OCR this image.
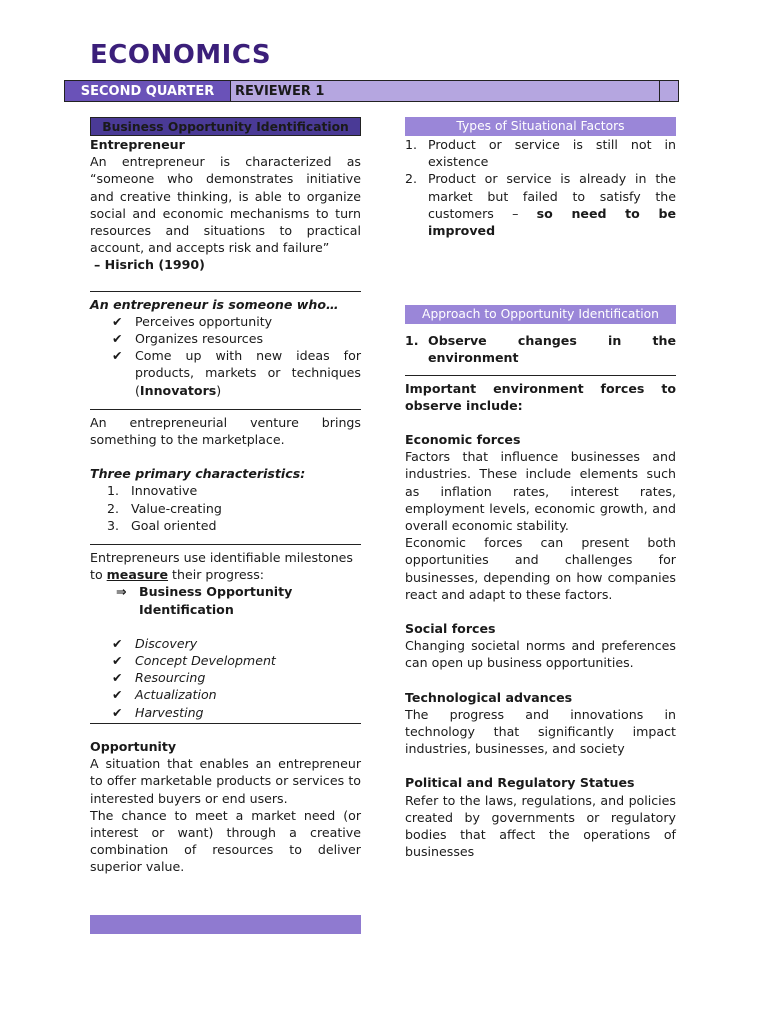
ECONOMICS
SECOND QUARTER	REVIEWER 1
Business Opportunity Identification
Entrepreneur
An entrepreneur is characterized as “someone who demonstrates initiative and creative thinking, is able to organize social and economic mechanisms to turn resources and situations to practical account, and accepts risk and failure”
– Hisrich (1990)
An entrepreneur is someone who…
✔ Perceives opportunity
✔ Organizes resources
✔ Come up with new ideas for products, markets or techniques (Innovators)
An entrepreneurial venture brings something to the marketplace.
Three primary characteristics:
1. Innovative
2. Value-creating
3. Goal oriented
Entrepreneurs use identifiable milestones to measure their progress:
⇒ Business Opportunity Identification
✔ Discovery
✔ Concept Development
✔ Resourcing
✔ Actualization
✔ Harvesting
Opportunity
A situation that enables an entrepreneur to offer marketable products or services to interested buyers or end users.
The chance to meet a market need (or interest or want) through a creative combination of resources to deliver superior value.
Types of Situational Factors
1. Product or service is still not in existence
2. Product or service is already in the market but failed to satisfy the customers – so need to be improved
Approach to Opportunity Identification
1. Observe changes in the environment
Important environment forces to observe include:
Economic forces
Factors that influence businesses and industries. These include elements such as inflation rates, interest rates, employment levels, economic growth, and overall economic stability.
Economic forces can present both opportunities and challenges for businesses, depending on how companies react and adapt to these factors.
Social forces
Changing societal norms and preferences can open up business opportunities.
Technological advances
The progress and innovations in technology that significantly impact industries, businesses, and society
Political and Regulatory Statues
Refer to the laws, regulations, and policies created by governments or regulatory bodies that affect the operations of businesses
